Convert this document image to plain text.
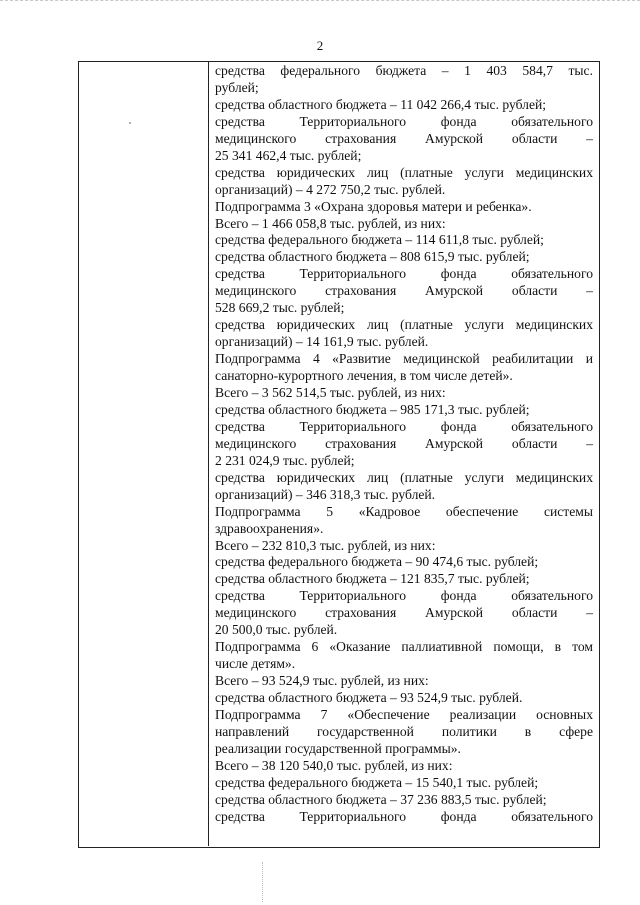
2
средства федерального бюджета – 1 403 584,7 тыс.
рублей;
средства областного бюджета – 11 042 266,4 тыс. рублей;
средства Территориального фонда обязательного
медицинского страхования Амурской области –
25 341 462,4 тыс. рублей;
средства юридических лиц (платные услуги медицинских
организаций) – 4 272 750,2 тыс. рублей.
Подпрограмма 3 «Охрана здоровья матери и ребенка».
Всего – 1 466 058,8 тыс. рублей, из них:
средства федерального бюджета – 114 611,8 тыс. рублей;
средства областного бюджета – 808 615,9 тыс. рублей;
средства Территориального фонда обязательного
медицинского страхования Амурской области –
528 669,2 тыс. рублей;
средства юридических лиц (платные услуги медицинских
организаций) – 14 161,9 тыс. рублей.
Подпрограмма 4 «Развитие медицинской реабилитации и
санаторно-курортного лечения, в том числе детей».
Всего – 3 562 514,5 тыс. рублей, из них:
средства областного бюджета – 985 171,3 тыс. рублей;
средства Территориального фонда обязательного
медицинского страхования Амурской области –
2 231 024,9 тыс. рублей;
средства юридических лиц (платные услуги медицинских
организаций) – 346 318,3 тыс. рублей.
Подпрограмма 5 «Кадровое обеспечение системы
здравоохранения».
Всего – 232 810,3 тыс. рублей, из них:
средства федерального бюджета – 90 474,6 тыс. рублей;
средства областного бюджета – 121 835,7 тыс. рублей;
средства Территориального фонда обязательного
медицинского страхования Амурской области –
20 500,0 тыс. рублей.
Подпрограмма 6 «Оказание паллиативной помощи, в том
числе детям».
Всего – 93 524,9 тыс. рублей, из них:
средства областного бюджета – 93 524,9 тыс. рублей.
Подпрограмма 7 «Обеспечение реализации основных
направлений государственной политики в сфере
реализации государственной программы».
Всего – 38 120 540,0 тыс. рублей, из них:
средства федерального бюджета – 15 540,1 тыс. рублей;
средства областного бюджета – 37 236 883,5 тыс. рублей;
средства Территориального фонда обязательного
